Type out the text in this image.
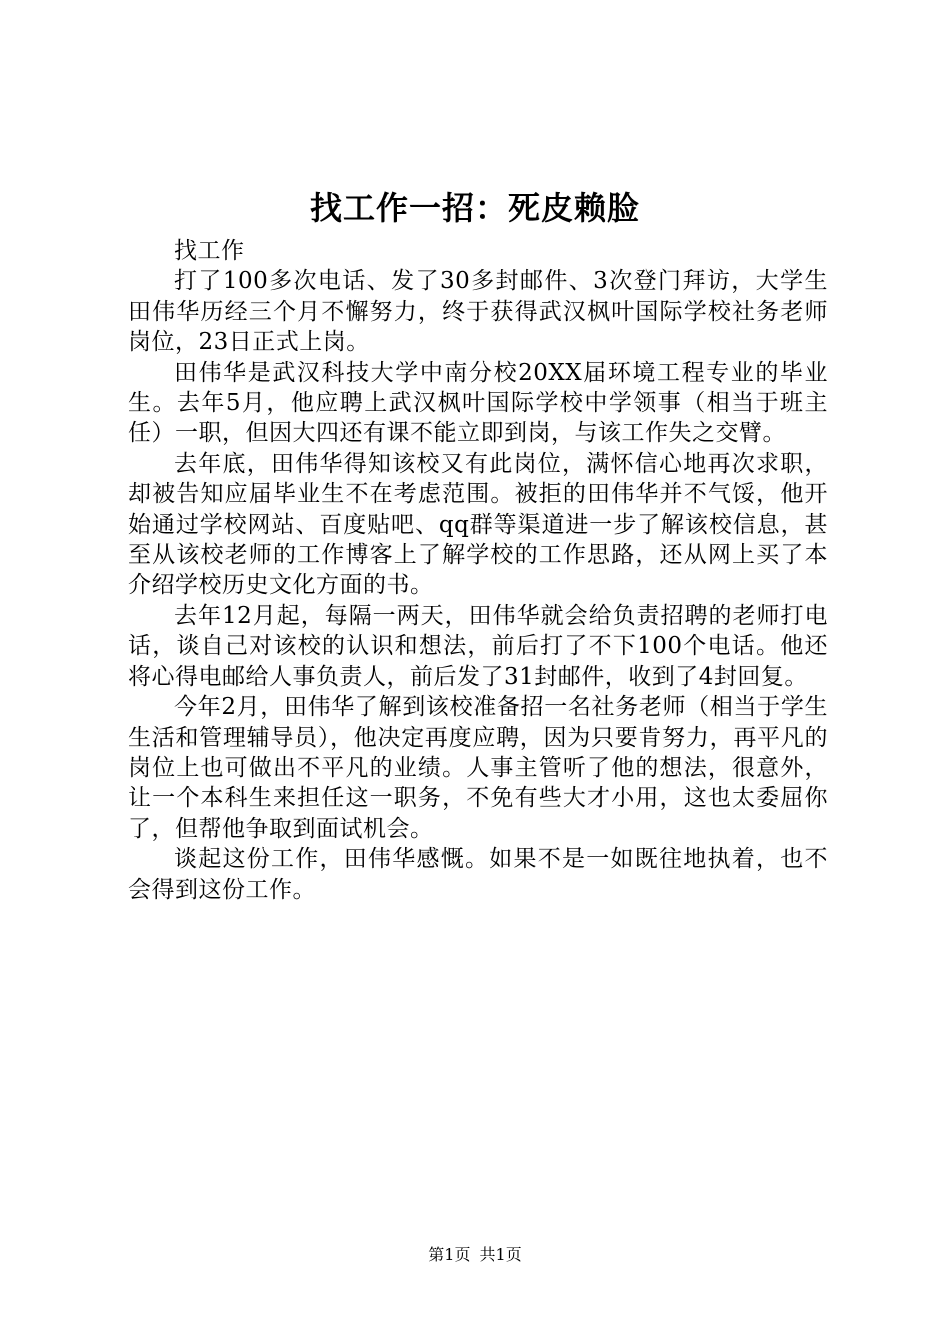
找工作一招：死皮赖脸

找工作

打了100多次电话、发了30多封邮件、3次登门拜访，大学生田伟华历经三个月不懈努力，终于获得武汉枫叶国际学校社务老师岗位，23日正式上岗。

田伟华是武汉科技大学中南分校20XX届环境工程专业的毕业生。去年5月，他应聘上武汉枫叶国际学校中学领事（相当于班主任）一职，但因大四还有课不能立即到岗，与该工作失之交臂。

去年底，田伟华得知该校又有此岗位，满怀信心地再次求职，却被告知应届毕业生不在考虑范围。被拒的田伟华并不气馁，他开始通过学校网站、百度贴吧、qq群等渠道进一步了解该校信息，甚至从该校老师的工作博客上了解学校的工作思路，还从网上买了本介绍学校历史文化方面的书。

去年12月起，每隔一两天，田伟华就会给负责招聘的老师打电话，谈自己对该校的认识和想法，前后打了不下100个电话。他还将心得电邮给人事负责人，前后发了31封邮件，收到了4封回复。

今年2月，田伟华了解到该校准备招一名社务老师（相当于学生生活和管理辅导员），他决定再度应聘，因为只要肯努力，再平凡的岗位上也可做出不平凡的业绩。人事主管听了他的想法，很意外，让一个本科生来担任这一职务，不免有些大才小用，这也太委屈你了，但帮他争取到面试机会。

谈起这份工作，田伟华感慨。如果不是一如既往地执着，也不会得到这份工作。

第1页 共1页
